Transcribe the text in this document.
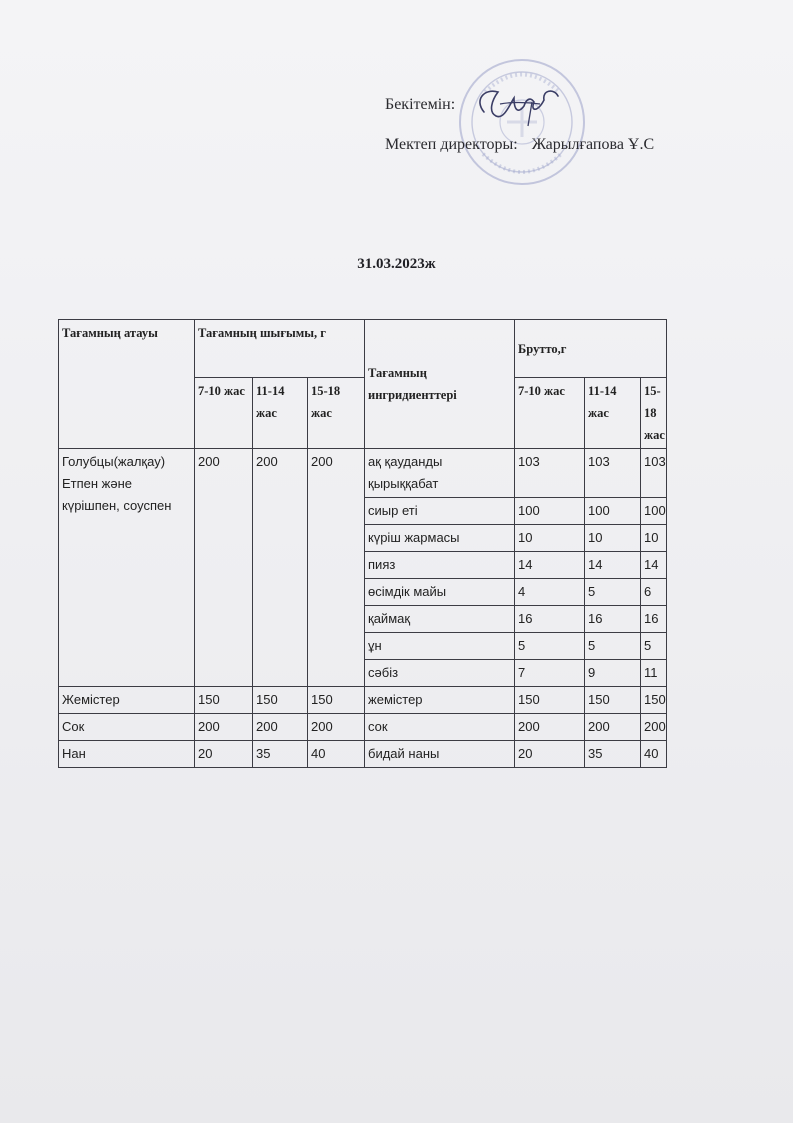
Бекітемін:
Мектеп директоры: Жарылғапова Ұ.С
31.03.2023ж
Тағамның атауы	Тағамның шығымы, г			Тағамның ингридиенттері	Брутто,г		
	7-10 жас	11-14 жас	15-18 жас		7-10 жас	11-14 жас	15-18 жас
Голубцы(жалқау) Етпен және күрішпен, соуспен	200	200	200	ақ қауданды қырыққабат	103	103	103
				сиыр еті	100	100	100
				күріш жармасы	10	10	10
				пияз	14	14	14
				өсімдік майы	4	5	6
				қаймақ	16	16	16
				ұн	5	5	5
				сәбіз	7	9	11
Жемістер	150	150	150	жемістер	150	150	150
Сок	200	200	200	сок	200	200	200
Нан	20	35	40	бидай наны	20	35	40
